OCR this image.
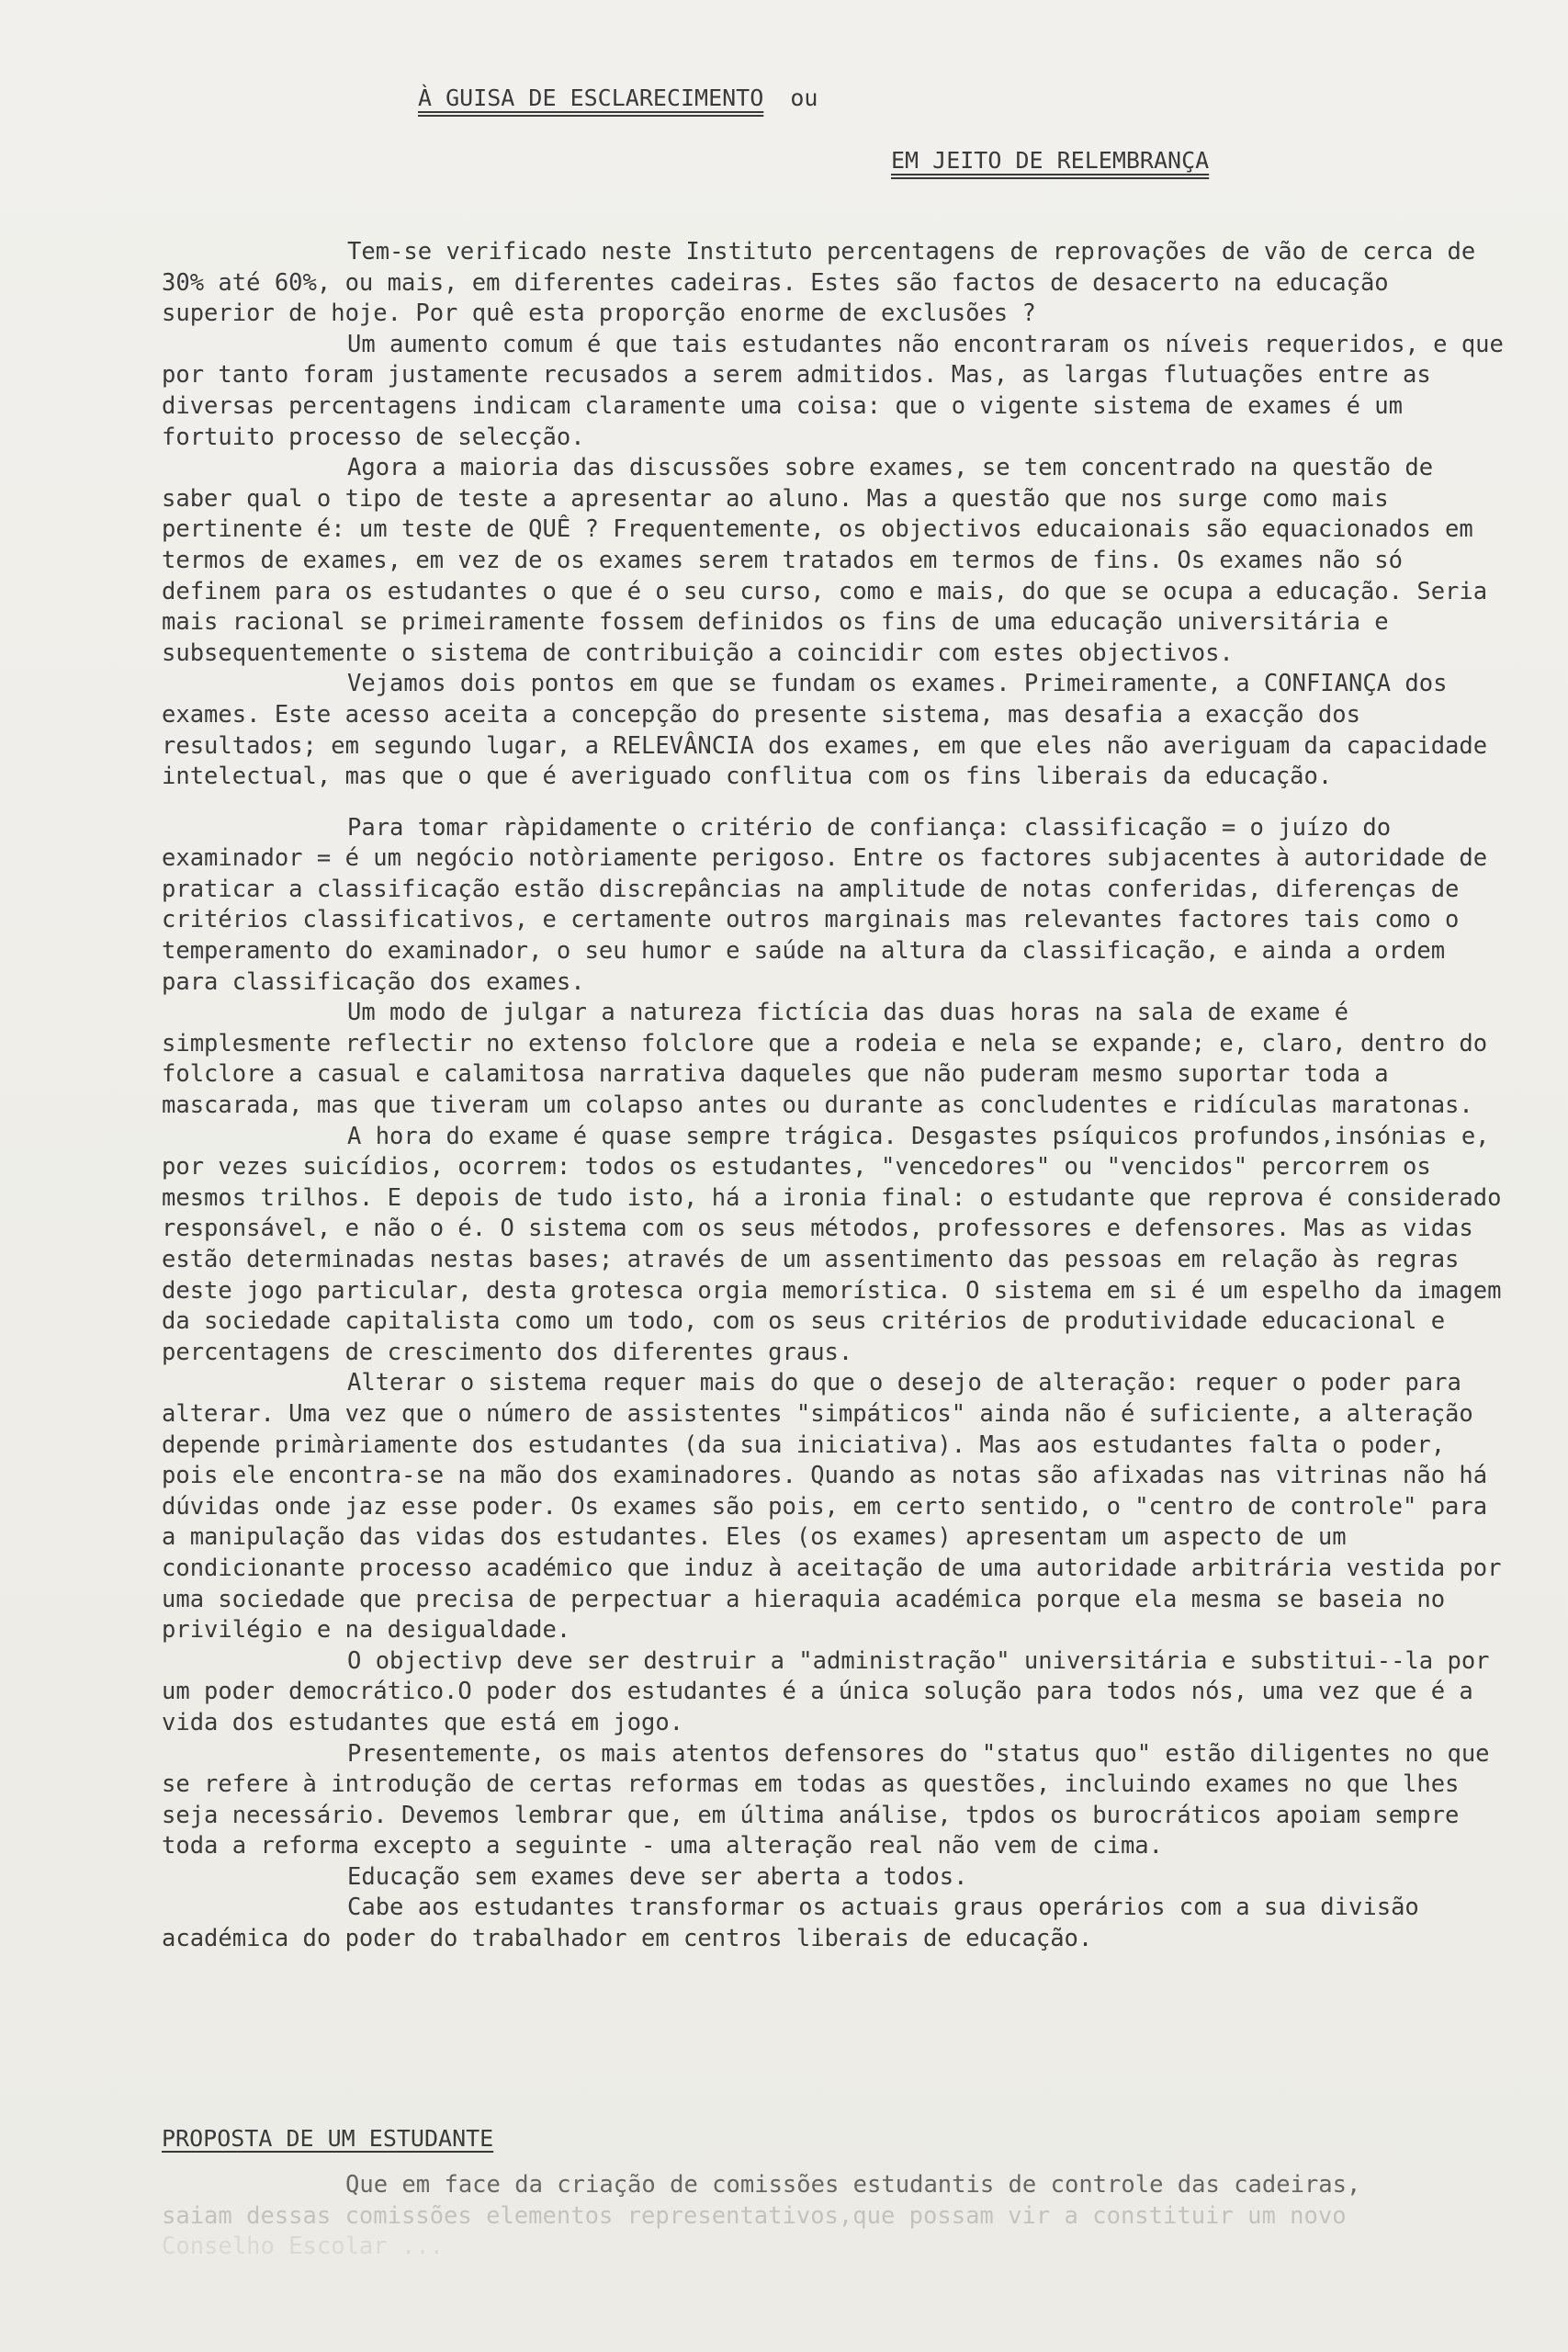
À GUISA DE ESCLARECIMENTO ou
EM JEITO DE RELEMBRANÇA

Tem-se verificado neste Instituto percentagens de reprovações de vão de cerca de 30% até 60%, ou mais, em diferentes cadeiras. Estes são factos de desacerto na educação superior de hoje. Por quê esta proporção enorme de exclusões ?

Um aumento comum é que tais estudantes não encontraram os níveis requeridos, e que por tanto foram justamente recusados a serem admitidos. Mas, as largas flutuações entre as diversas percentagens indicam claramente uma coisa: que o vigente sistema de exames é um fortuito processo de selecção.

Agora a maioria das discussões sobre exames, se tem concentrado na questão de saber qual o tipo de teste a apresentar ao aluno. Mas a questão que nos surge como mais pertinente é: um teste de QUÊ ? Frequentemente, os objectivos educaionais são equacionados em termos de exames, em vez de os exames serem tratados em termos de fins. Os exames não só definem para os estudantes o que é o seu curso, como e mais, do que se ocupa a educação. Seria mais racional se primeiramente fossem definidos os fins de uma educação universitária e subsequentemente o sistema de contribuição a coincidir com estes objectivos.

Vejamos dois pontos em que se fundam os exames. Primeiramente, a CONFIANÇA dos exames. Este acesso aceita a concepção do presente sistema, mas desafia a exacção dos resultados; em segundo lugar, a RELEVÂNCIA dos exames, em que eles não averiguam da capacidade intelectual, mas que o que é averiguado conflitua com os fins liberais da educação.

Para tomar ràpidamente o critério de confiança: classificação = o juízo do examinador = é um negócio notòriamente perigoso. Entre os factores subjacentes à autoridade de praticar a classificação estão discrepâncias na amplitude de notas conferidas, diferenças de critérios classificativos, e certamente outros marginais mas relevantes factores tais como o temperamento do examinador, o seu humor e saúde na altura da classificação, e ainda a ordem para classificação dos exames.

Um modo de julgar a natureza fictícia das duas horas na sala de exame é simplesmente reflectir no extenso folclore que a rodeia e nela se expande; e, claro, dentro do folclore a casual e calamitosa narrativa daqueles que não puderam mesmo suportar toda a mascarada, mas que tiveram um colapso antes ou durante as concludentes e ridículas maratonas.

A hora do exame é quase sempre trágica. Desgastes psíquicos profundos,insónias e, por vezes suicídios, ocorrem: todos os estudantes, "vencedores" ou "vencidos" percorrem os mesmos trilhos. E depois de tudo isto, há a ironia final: o estudante que reprova é considerado responsável, e não o é. O sistema com os seus métodos, professores e defensores. Mas as vidas estão determinadas nestas bases; através de um assentimento das pessoas em relação às regras deste jogo particular, desta grotesca orgia memorística. O sistema em si é um espelho da imagem da sociedade capitalista como um todo, com os seus critérios de produtividade educacional e percentagens de crescimento dos diferentes graus.

Alterar o sistema requer mais do que o desejo de alteração: requer o poder para alterar. Uma vez que o número de assistentes "simpáticos" ainda não é suficiente, a alteração depende primàriamente dos estudantes (da sua iniciativa). Mas aos estudantes falta o poder, pois ele encontra-se na mão dos examinadores. Quando as notas são afixadas nas vitrinas não há dúvidas onde jaz esse poder. Os exames são pois, em certo sentido, o "centro de controle" para a manipulação das vidas dos estudantes. Eles (os exames) apresentam um aspecto de um condicionante processo académico que induz à aceitação de uma autoridade arbitrária vestida por uma sociedade que precisa de perpectuar a hieraquia académica porque ela mesma se baseia no privilégio e na desigualdade.

O objectivp deve ser destruir a "administração" universitária e substitui--la por um poder democrático.O poder dos estudantes é a única solução para todos nós, uma vez que é a vida dos estudantes que está em jogo.

Presentemente, os mais atentos defensores do "status quo" estão diligentes no que se refere à introdução de certas reformas em todas as questões, incluindo exames no que lhes seja necessário. Devemos lembrar que, em última análise, tpdos os burocráticos apoiam sempre toda a reforma excepto a seguinte - uma alteração real não vem de cima.

Educação sem exames deve ser aberta a todos.

Cabe aos estudantes transformar os actuais graus operários com a sua divisão académica do poder do trabalhador em centros liberais de educação.

PROPOSTA DE UM ESTUDANTE
Que em face da criação de comissões estudantis de controle das cadeiras,
saiam dessas comissões elementos representativos,que possam vir a constituir um novo
Conselho Escolar ...
